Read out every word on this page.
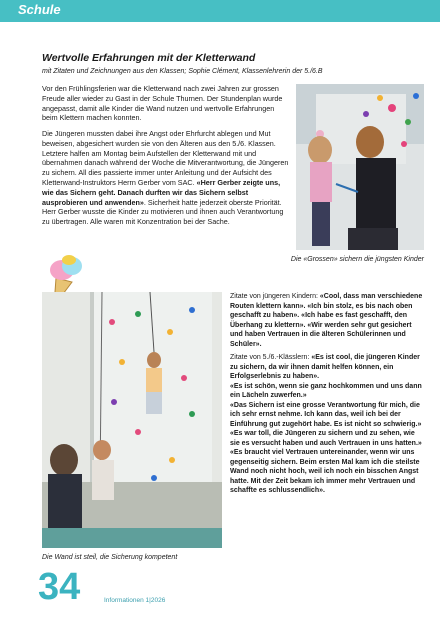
Schule
Wertvolle Erfahrungen mit der Kletterwand
mit Zitaten und Zeichnungen aus den Klassen; Sophie Clément, Klassenlehrerin der 5./6.B

Vor den Frühlingsferien war die Kletterwand nach zwei Jahren zur grossen Freude aller wieder zu Gast in der Schule Thurnen. Der Stundenplan wurde angepasst, damit alle Kinder die Wand nutzen und wertvolle Erfahrungen beim Klettern machen konnten.

Die Jüngeren mussten dabei ihre Angst oder Ehrfurcht ablegen und Mut beweisen, abgesichert wurden sie von den Älteren aus den 5./6. Klassen. Letztere halfen am Montag beim Aufstellen der Kletterwand mit und übernahmen danach während der Woche die Mitverantwortung, die Jüngeren zu sichern. All dies passierte immer unter Anleitung und der Aufsicht des Kletterwand-Instruktors Herrn Gerber vom SAC. «Herr Gerber zeigte uns, wie das Sichern geht. Danach durften wir das Sichern selbst ausprobieren und anwenden». Sicherheit hatte jederzeit oberste Priorität. Herr Gerber wusste die Kinder zu motivieren und ihnen auch Verantwortung zu übertragen. Alle waren mit Konzentration bei der Sache.

Die «Grossen» sichern die jüngsten Kinder
Die Wand ist steil, die Sicherung kompetent

Zitate von jüngeren Kindern: «Cool, dass man verschiedene Routen klettern kann». «Ich bin stolz, es bis nach oben geschafft zu haben». «Ich habe es fast geschafft, den Überhang zu klettern». «Wir werden sehr gut gesichert und haben Vertrauen in die älteren Schülerinnen und Schüler».

Zitate von 5./6.-Klässlern: «Es ist cool, die jüngeren Kinder zu sichern, da wir ihnen damit helfen können, ein Erfolgserlebnis zu haben».

«Es ist schön, wenn sie ganz hochkommen und uns dann ein Lächeln zuwerfen.»
«Das Sichern ist eine grosse Verantwortung für mich, die ich sehr ernst nehme. Ich kann das, weil ich bei der Einführung gut zugehört habe. Es ist nicht so schwierig.»
«Es war toll, die Jüngeren zu sichern und zu sehen, wie sie es versucht haben und auch Vertrauen in uns hatten.»
«Es braucht viel Vertrauen untereinander, wenn wir uns gegenseitig sichern. Beim ersten Mal kam ich die steilste Wand noch nicht hoch, weil ich noch ein bisschen Angst hatte. Mit der Zeit bekam ich immer mehr Vertrauen und schaffte es schlussendlich».
34	Informationen 1|2026
